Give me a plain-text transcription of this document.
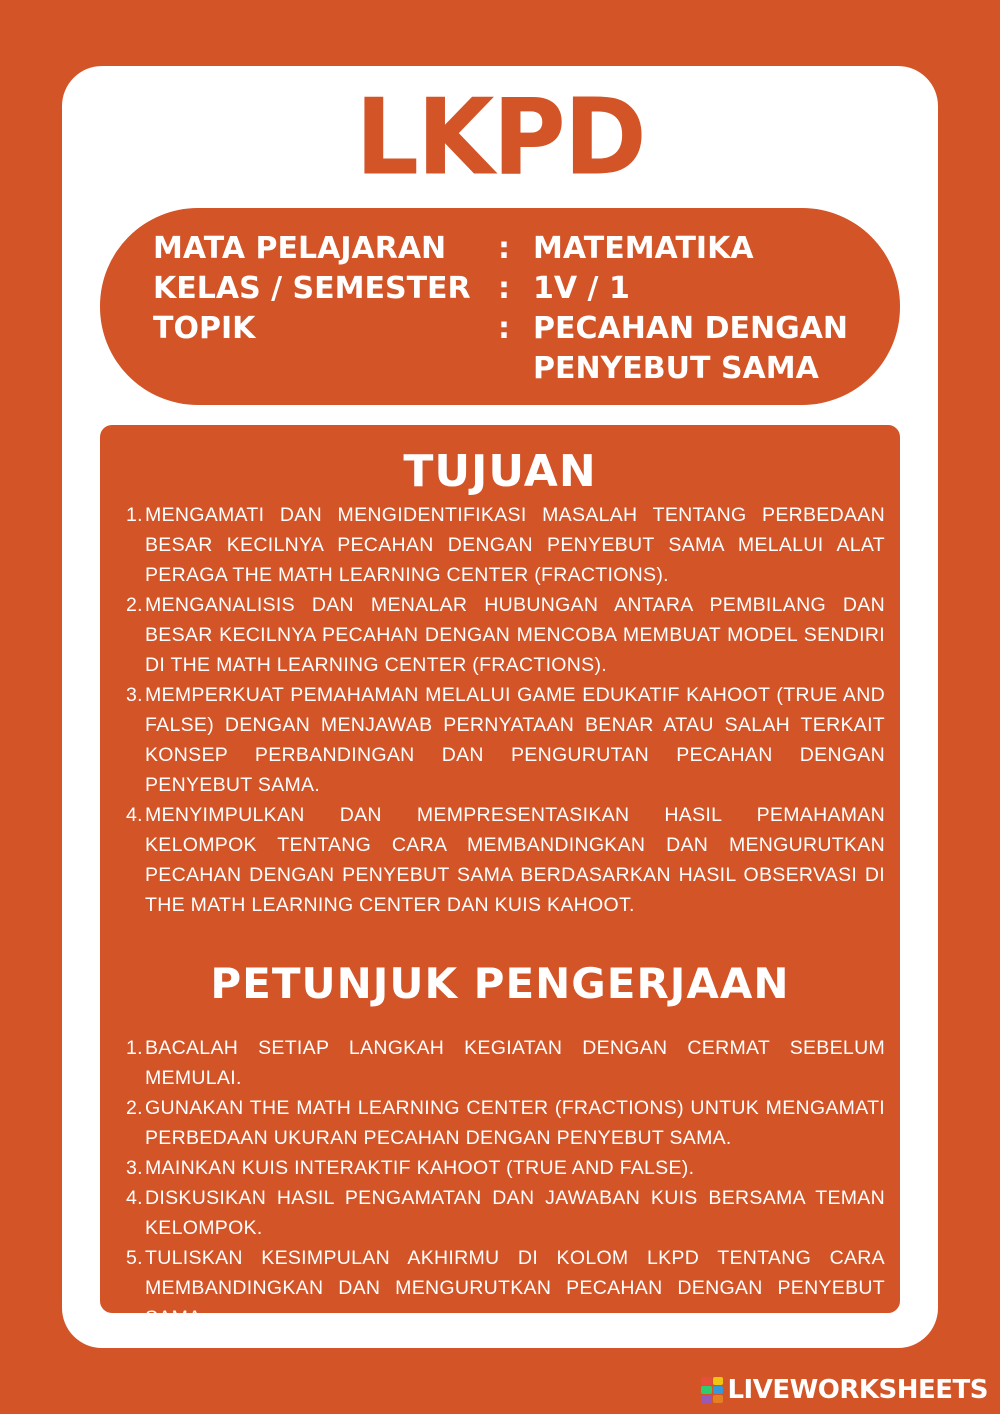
LKPD
MATA PELAJARAN : MATEMATIKA
KELAS / SEMESTER : 1V / 1
TOPIK	: PECAHAN DENGAN
PENYEBUT SAMA
TUJUAN
1. MENGAMATI DAN MENGIDENTIFIKASI MASALAH TENTANG PERBEDAAN BESAR KECILNYA PECAHAN DENGAN PENYEBUT SAMA MELALUI ALAT PERAGA THE MATH LEARNING CENTER (FRACTIONS).
2. MENGANALISIS DAN MENALAR HUBUNGAN ANTARA PEMBILANG DAN BESAR KECILNYA PECAHAN DENGAN MENCOBA MEMBUAT MODEL SENDIRI DI THE MATH LEARNING CENTER (FRACTIONS).
3. MEMPERKUAT PEMAHAMAN MELALUI GAME EDUKATIF KAHOOT (TRUE AND FALSE) DENGAN MENJAWAB PERNYATAAN BENAR ATAU SALAH TERKAIT KONSEP PERBANDINGAN DAN PENGURUTAN PECAHAN DENGAN PENYEBUT SAMA.
4. MENYIMPULKAN DAN MEMPRESENTASIKAN HASIL PEMAHAMAN KELOMPOK TENTANG CARA MEMBANDINGKAN DAN MENGURUTKAN PECAHAN DENGAN PENYEBUT SAMA BERDASARKAN HASIL OBSERVASI DI THE MATH LEARNING CENTER DAN KUIS KAHOOT.
PETUNJUK PENGERJAAN
1. BACALAH SETIAP LANGKAH KEGIATAN DENGAN CERMAT SEBELUM MEMULAI.
2. GUNAKAN THE MATH LEARNING CENTER (FRACTIONS) UNTUK MENGAMATI PERBEDAAN UKURAN PECAHAN DENGAN PENYEBUT SAMA.
3. MAINKAN KUIS INTERAKTIF KAHOOT (TRUE AND FALSE).
4. DISKUSIKAN HASIL PENGAMATAN DAN JAWABAN KUIS BERSAMA TEMAN KELOMPOK.
5. TULISKAN KESIMPULAN AKHIRMU DI KOLOM LKPD TENTANG CARA MEMBANDINGKAN DAN MENGURUTKAN PECAHAN DENGAN PENYEBUT SAMA.
LIVEWORKSHEETS
